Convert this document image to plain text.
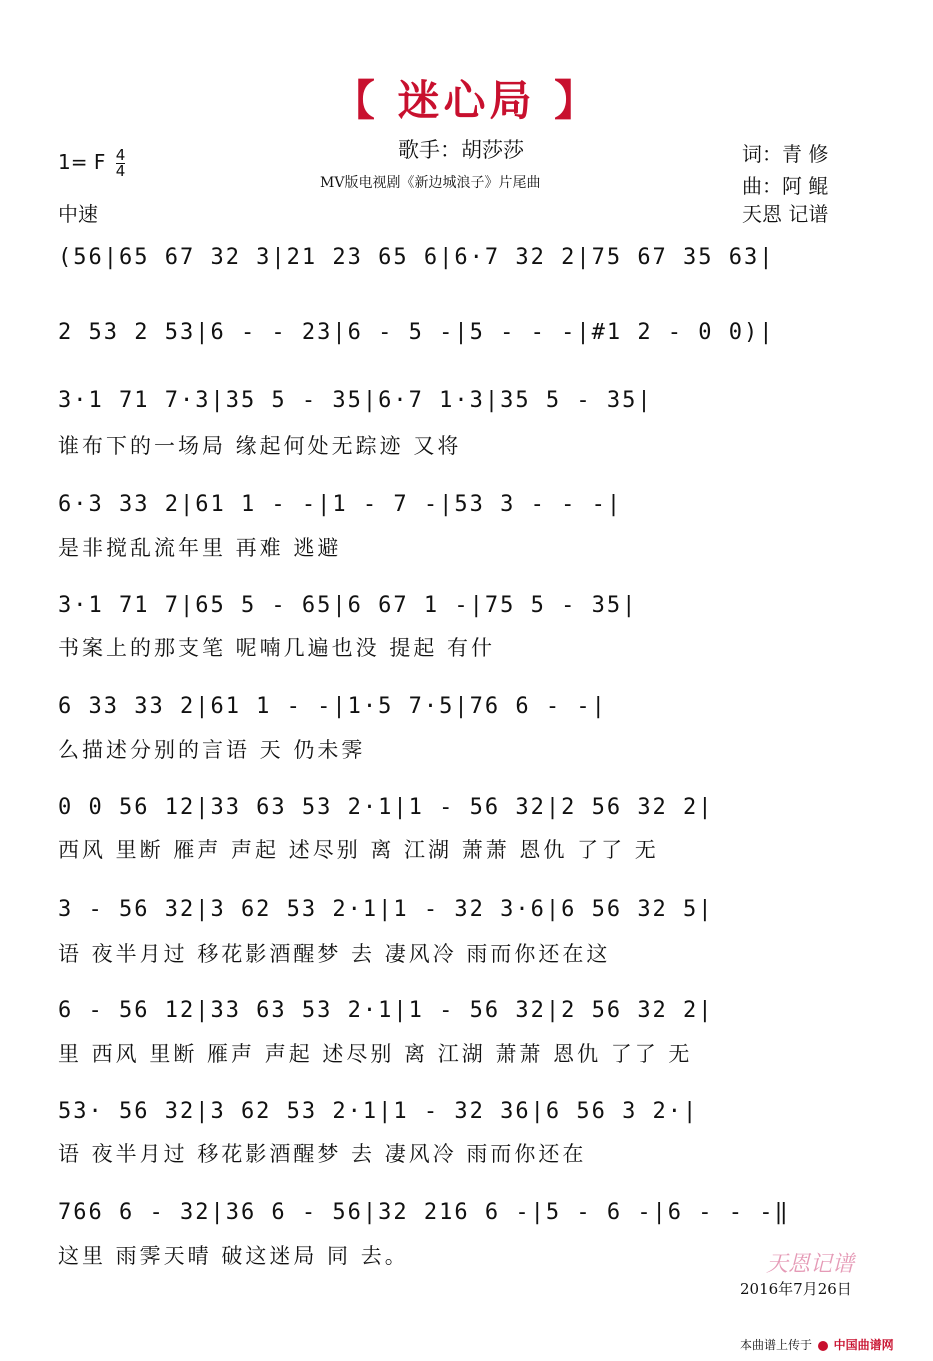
【 迷心局 】
歌手：胡莎莎
MV版电视剧《新边城浪子》片尾曲
1= F $\frac{4}{4}$
中速
词：青 修
曲：阿 鲲
天恩 记谱
(56|65 67 32 3|21 23 65 6|6·7 32 2|75 67 35 63|
2 53 2 53|6 - - 23|6 - 5 -|5 - - -|#1 2 - 0 0)|
3·1 71 7·3|35 5 - 35|6·7 1·3|35 5 - 35|
谁布下的一场局 缘起何处无踪迹 又将
6·3 33 2|61 1 - -|1 - 7 -|53 3 - - -|
是非搅乱流年里 再难 逃避
3·1 71 7|65 5 - 65|6 67 1 -|75 5 - 35|
书案上的那支笔 呢喃几遍也没 提起 有什
6 33 33 2|61 1 - -|1·5 7·5|76 6 - -|
么描述分别的言语 天 仍未霁
0 0 56 12|33 63 53 2·1|1 - 56 32|2 56 32 2|
西风 里断 雁声 声起 述尽别 离 江湖 萧萧 恩仇 了了 无
3 - 56 32|3 62 53 2·1|1 - 32 3·6|6 56 32 5|
语 夜半月过 移花影酒醒梦 去 凄风冷 雨而你还在这
6 - 56 12|33 63 53 2·1|1 - 56 32|2 56 32 2|
里 西风 里断 雁声 声起 述尽别 离 江湖 萧萧 恩仇 了了 无
53· 56 32|3 62 53 2·1|1 - 32 36|6 56 3 2·|
语 夜半月过 移花影酒醒梦 去 凄风冷 雨而你还在
766 6 - 32|36 6 - 56|32 216 6 -|5 - 6 -|6 - - -‖
这里 雨霁天晴 破这迷局 同 去。	天恩记谱
2016年7月26日
本曲谱上传于 中国曲谱网
